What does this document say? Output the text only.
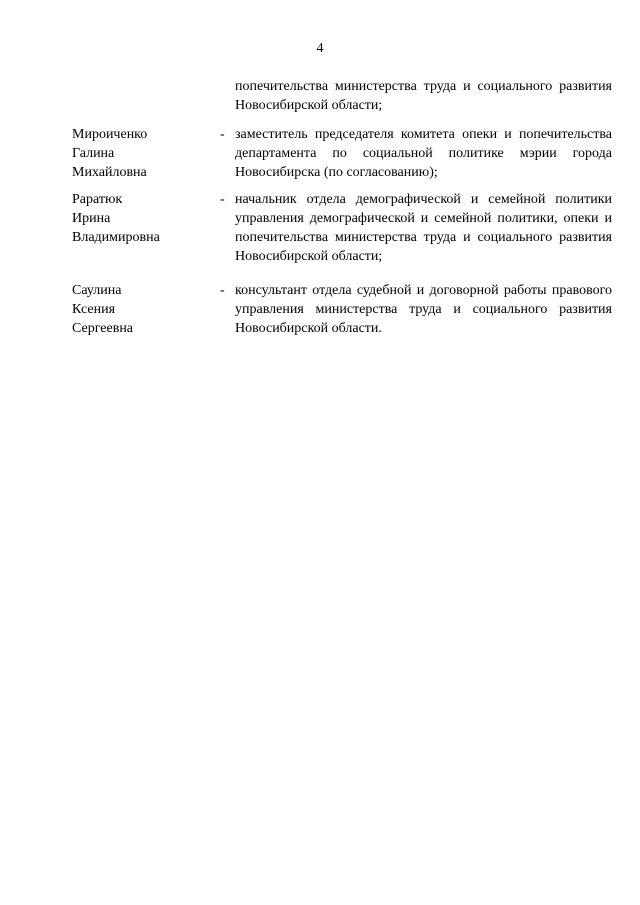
4
попечительства министерства труда и социального развития Новосибирской области;
Мироиченко
Галина
Михайловна
- заместитель председателя комитета опеки и попечительства департамента по социальной политике мэрии города Новосибирска (по согласованию);
Раратюк
Ирина
Владимировна
- начальник отдела демографической и семейной политики управления демографической и семейной политики, опеки и попечительства министерства труда и социального развития Новосибирской области;
Саулина
Ксения
Сергеевна
- консультант отдела судебной и договорной работы правового управления министерства труда и социального развития Новосибирской области.
